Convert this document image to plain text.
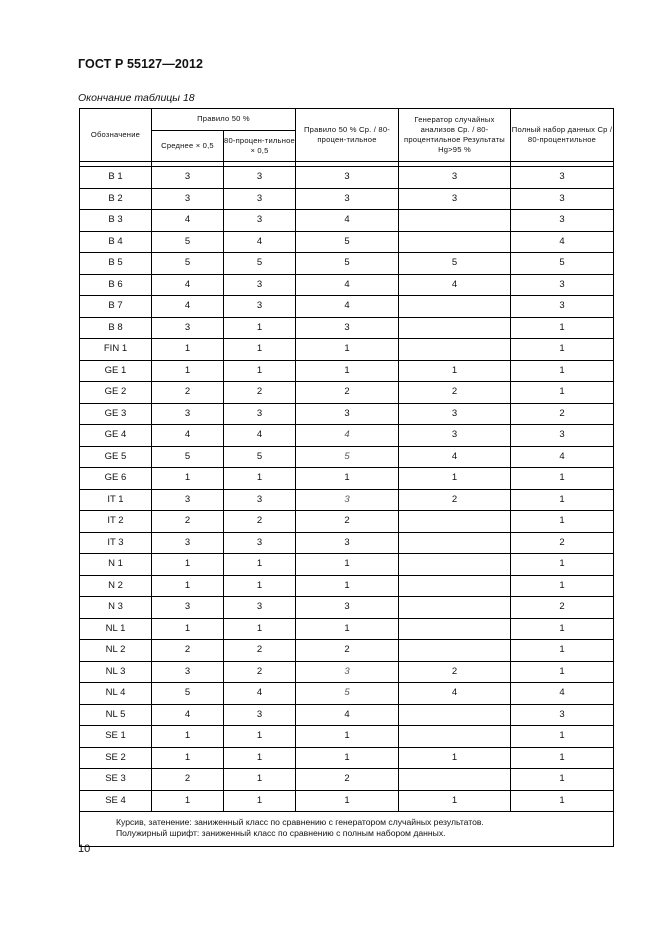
ГОСТ Р 55127—2012
Окончание таблицы 18
Обозначение	Правило 50 %		Правило 50 % Ср. / 80-процен-тильное	Генератор случайных анализов Ср. / 80-процентильное Результаты Hg>95 %	Полный набор данных Ср / 80-процентильное
	Среднее × 0,5	80-процен-тильное × 0,5			

B 1	3	3	3	3	3
B 2	3	3	3	3	3
B 3	4	3	4		3
B 4	5	4	5		4
B 5	5	5	5	5	5
B 6	4	3	4	4	3
B 7	4	3	4		3
B 8	3	1	3		1
FIN 1	1	1	1		1
GE 1	1	1	1	1	1
GE 2	2	2	2	2	1
GE 3	3	3	3	3	2
GE 4	4	4	4	3	3
GE 5	5	5	5	4	4
GE 6	1	1	1	1	1
IT 1	3	3	3	2	1
IT 2	2	2	2		1
IT 3	3	3	3		2
N 1	1	1	1		1
N 2	1	1	1		1
N 3	3	3	3		2
NL 1	1	1	1		1
NL 2	2	2	2		1
NL 3	3	2	3	2	1
NL 4	5	4	5	4	4
NL 5	4	3	4		3
SE 1	1	1	1		1
SE 2	1	1	1	1	1
SE 3	2	1	2		1
SE 4	1	1	1	1	1

Курсив, затенение: заниженный класс по сравнению с генератором случайных результатов.
Полужирный шрифт: заниженный класс по сравнению с полным набором данных.					
10
